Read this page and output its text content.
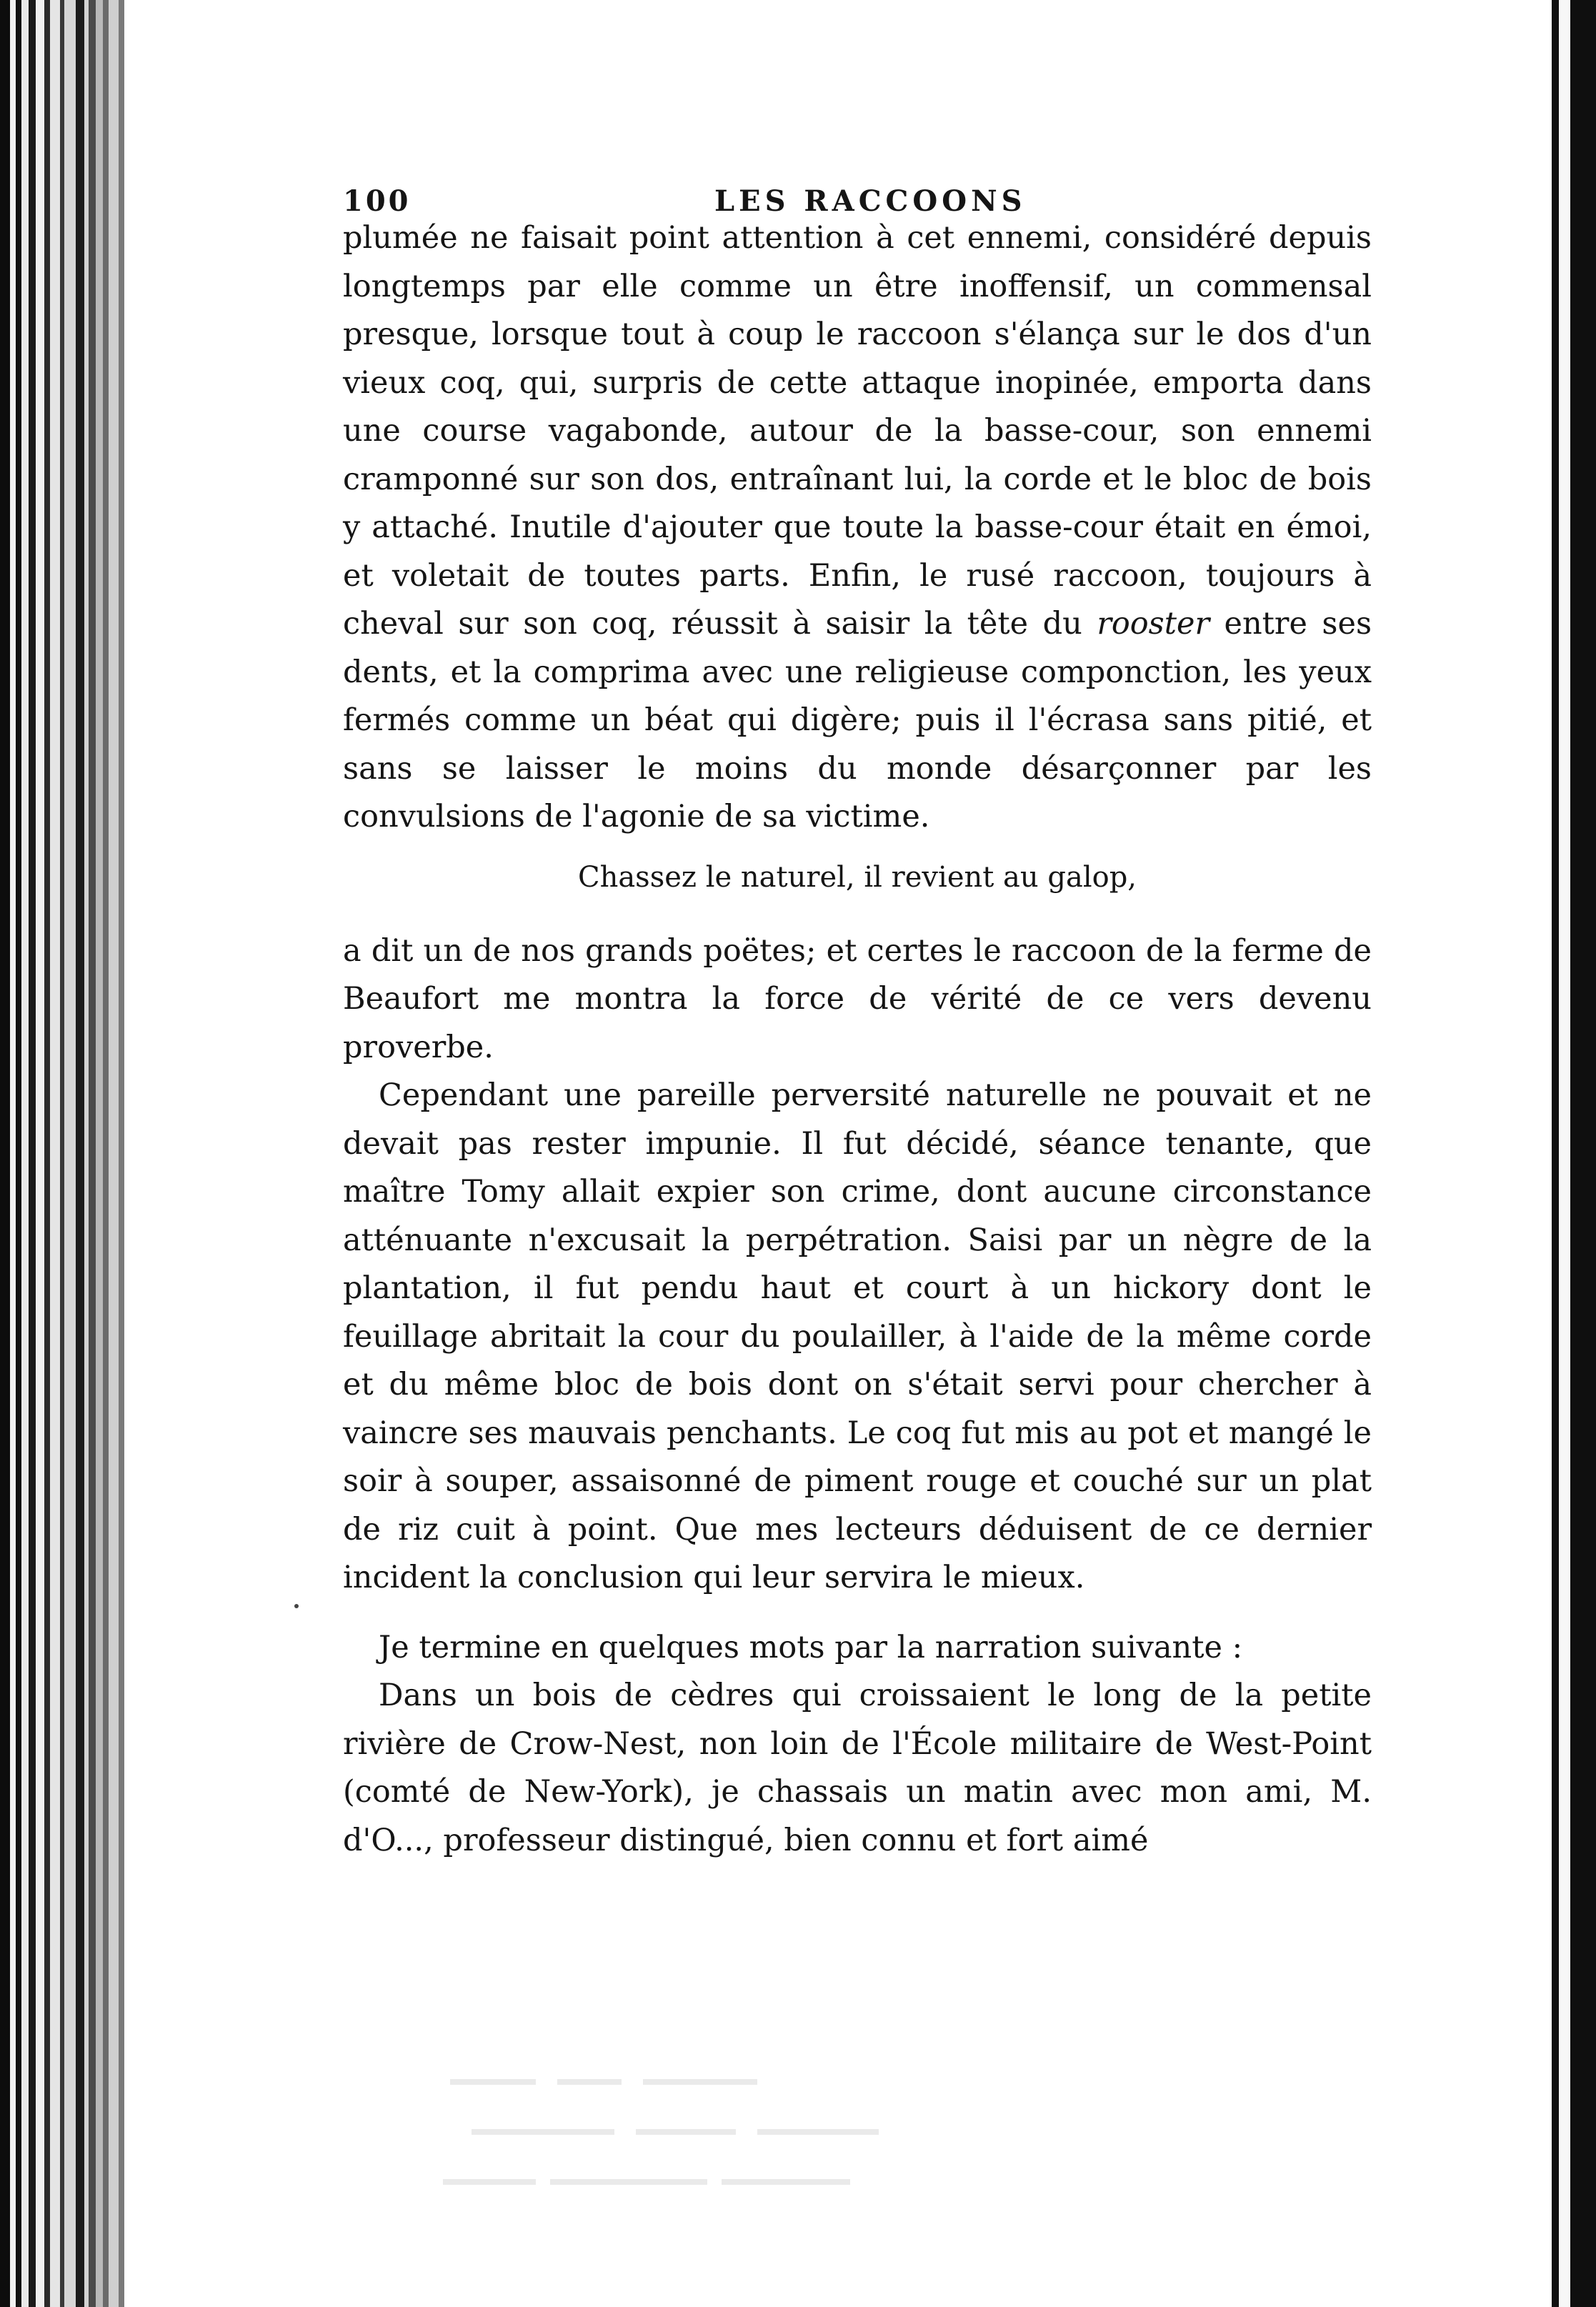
100	LES RACCOONS

plumée ne faisait point attention à cet ennemi, considéré depuis longtemps par elle comme un être inoffensif, un commensal presque, lorsque tout à coup le raccoon s'élança sur le dos d'un vieux coq, qui, surpris de cette attaque inopinée, emporta dans une course vagabonde, autour de la basse-cour, son ennemi cramponné sur son dos, entraînant lui, la corde et le bloc de bois y attaché. Inutile d'ajouter que toute la basse-cour était en émoi, et voletait de toutes parts. Enfin, le rusé raccoon, toujours à cheval sur son coq, réussit à saisir la tête du rooster entre ses dents, et la comprima avec une religieuse componction, les yeux fermés comme un béat qui digère; puis il l'écrasa sans pitié, et sans se laisser le moins du monde désarçonner par les convulsions de l'agonie de sa victime.

Chassez le naturel, il revient au galop,

a dit un de nos grands poëtes; et certes le raccoon de la ferme de Beaufort me montra la force de vérité de ce vers devenu proverbe.

Cependant une pareille perversité naturelle ne pouvait et ne devait pas rester impunie. Il fut décidé, séance tenante, que maître Tomy allait expier son crime, dont aucune circonstance atténuante n'excusait la perpétration. Saisi par un nègre de la plantation, il fut pendu haut et court à un hickory dont le feuillage abritait la cour du poulailler, à l'aide de la même corde et du même bloc de bois dont on s'était servi pour chercher à vaincre ses mauvais penchants. Le coq fut mis au pot et mangé le soir à souper, assaisonné de piment rouge et couché sur un plat de riz cuit à point. Que mes lecteurs déduisent de ce dernier incident la conclusion qui leur servira le mieux.

Je termine en quelques mots par la narration suivante :

Dans un bois de cèdres qui croissaient le long de la petite rivière de Crow-Nest, non loin de l'École militaire de West-Point (comté de New-York), je chassais un matin avec mon ami, M. d'O..., professeur distingué, bien connu et fort aimé
